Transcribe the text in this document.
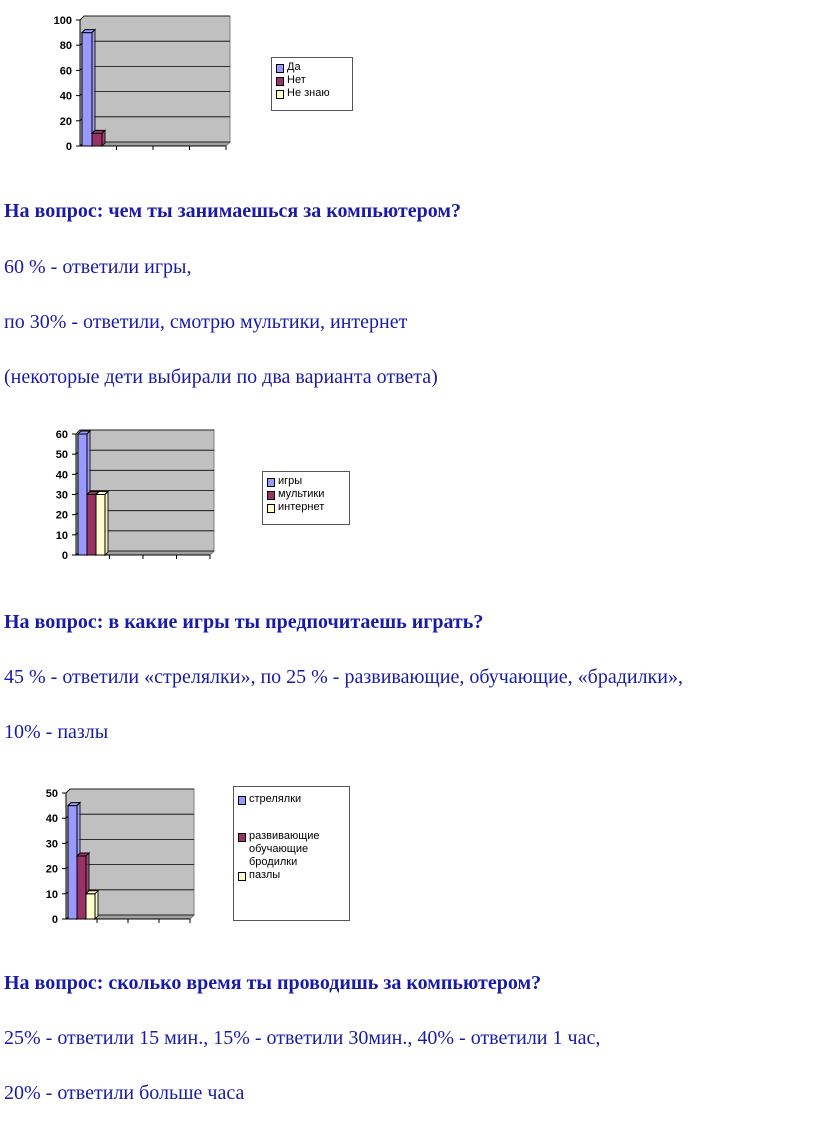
0
20
40
60
80
100
Да
Нет
Не знаю

На вопрос: чем ты занимаешься за компьютером?

60 % - ответили игры,

по 30% - ответили, смотрю мультики, интернет

(некоторые дети выбирали по два варианта ответа)

0
10
20
30
40
50
60
игры
мультики
интернет

На вопрос: в какие игры ты предпочитаешь играть?

45 % - ответили «стрелялки», по 25 % - развивающие, обучающие, «брадилки»,

10% - пазлы

0
10
20
30
40
50	стрелялки
развивающие
обучающие
бродилки
пазлы

На вопрос: сколько время ты проводишь за компьютером?

25% - ответили 15 мин., 15% - ответили 30мин., 40% - ответили 1 час,

20% - ответили больше часа
